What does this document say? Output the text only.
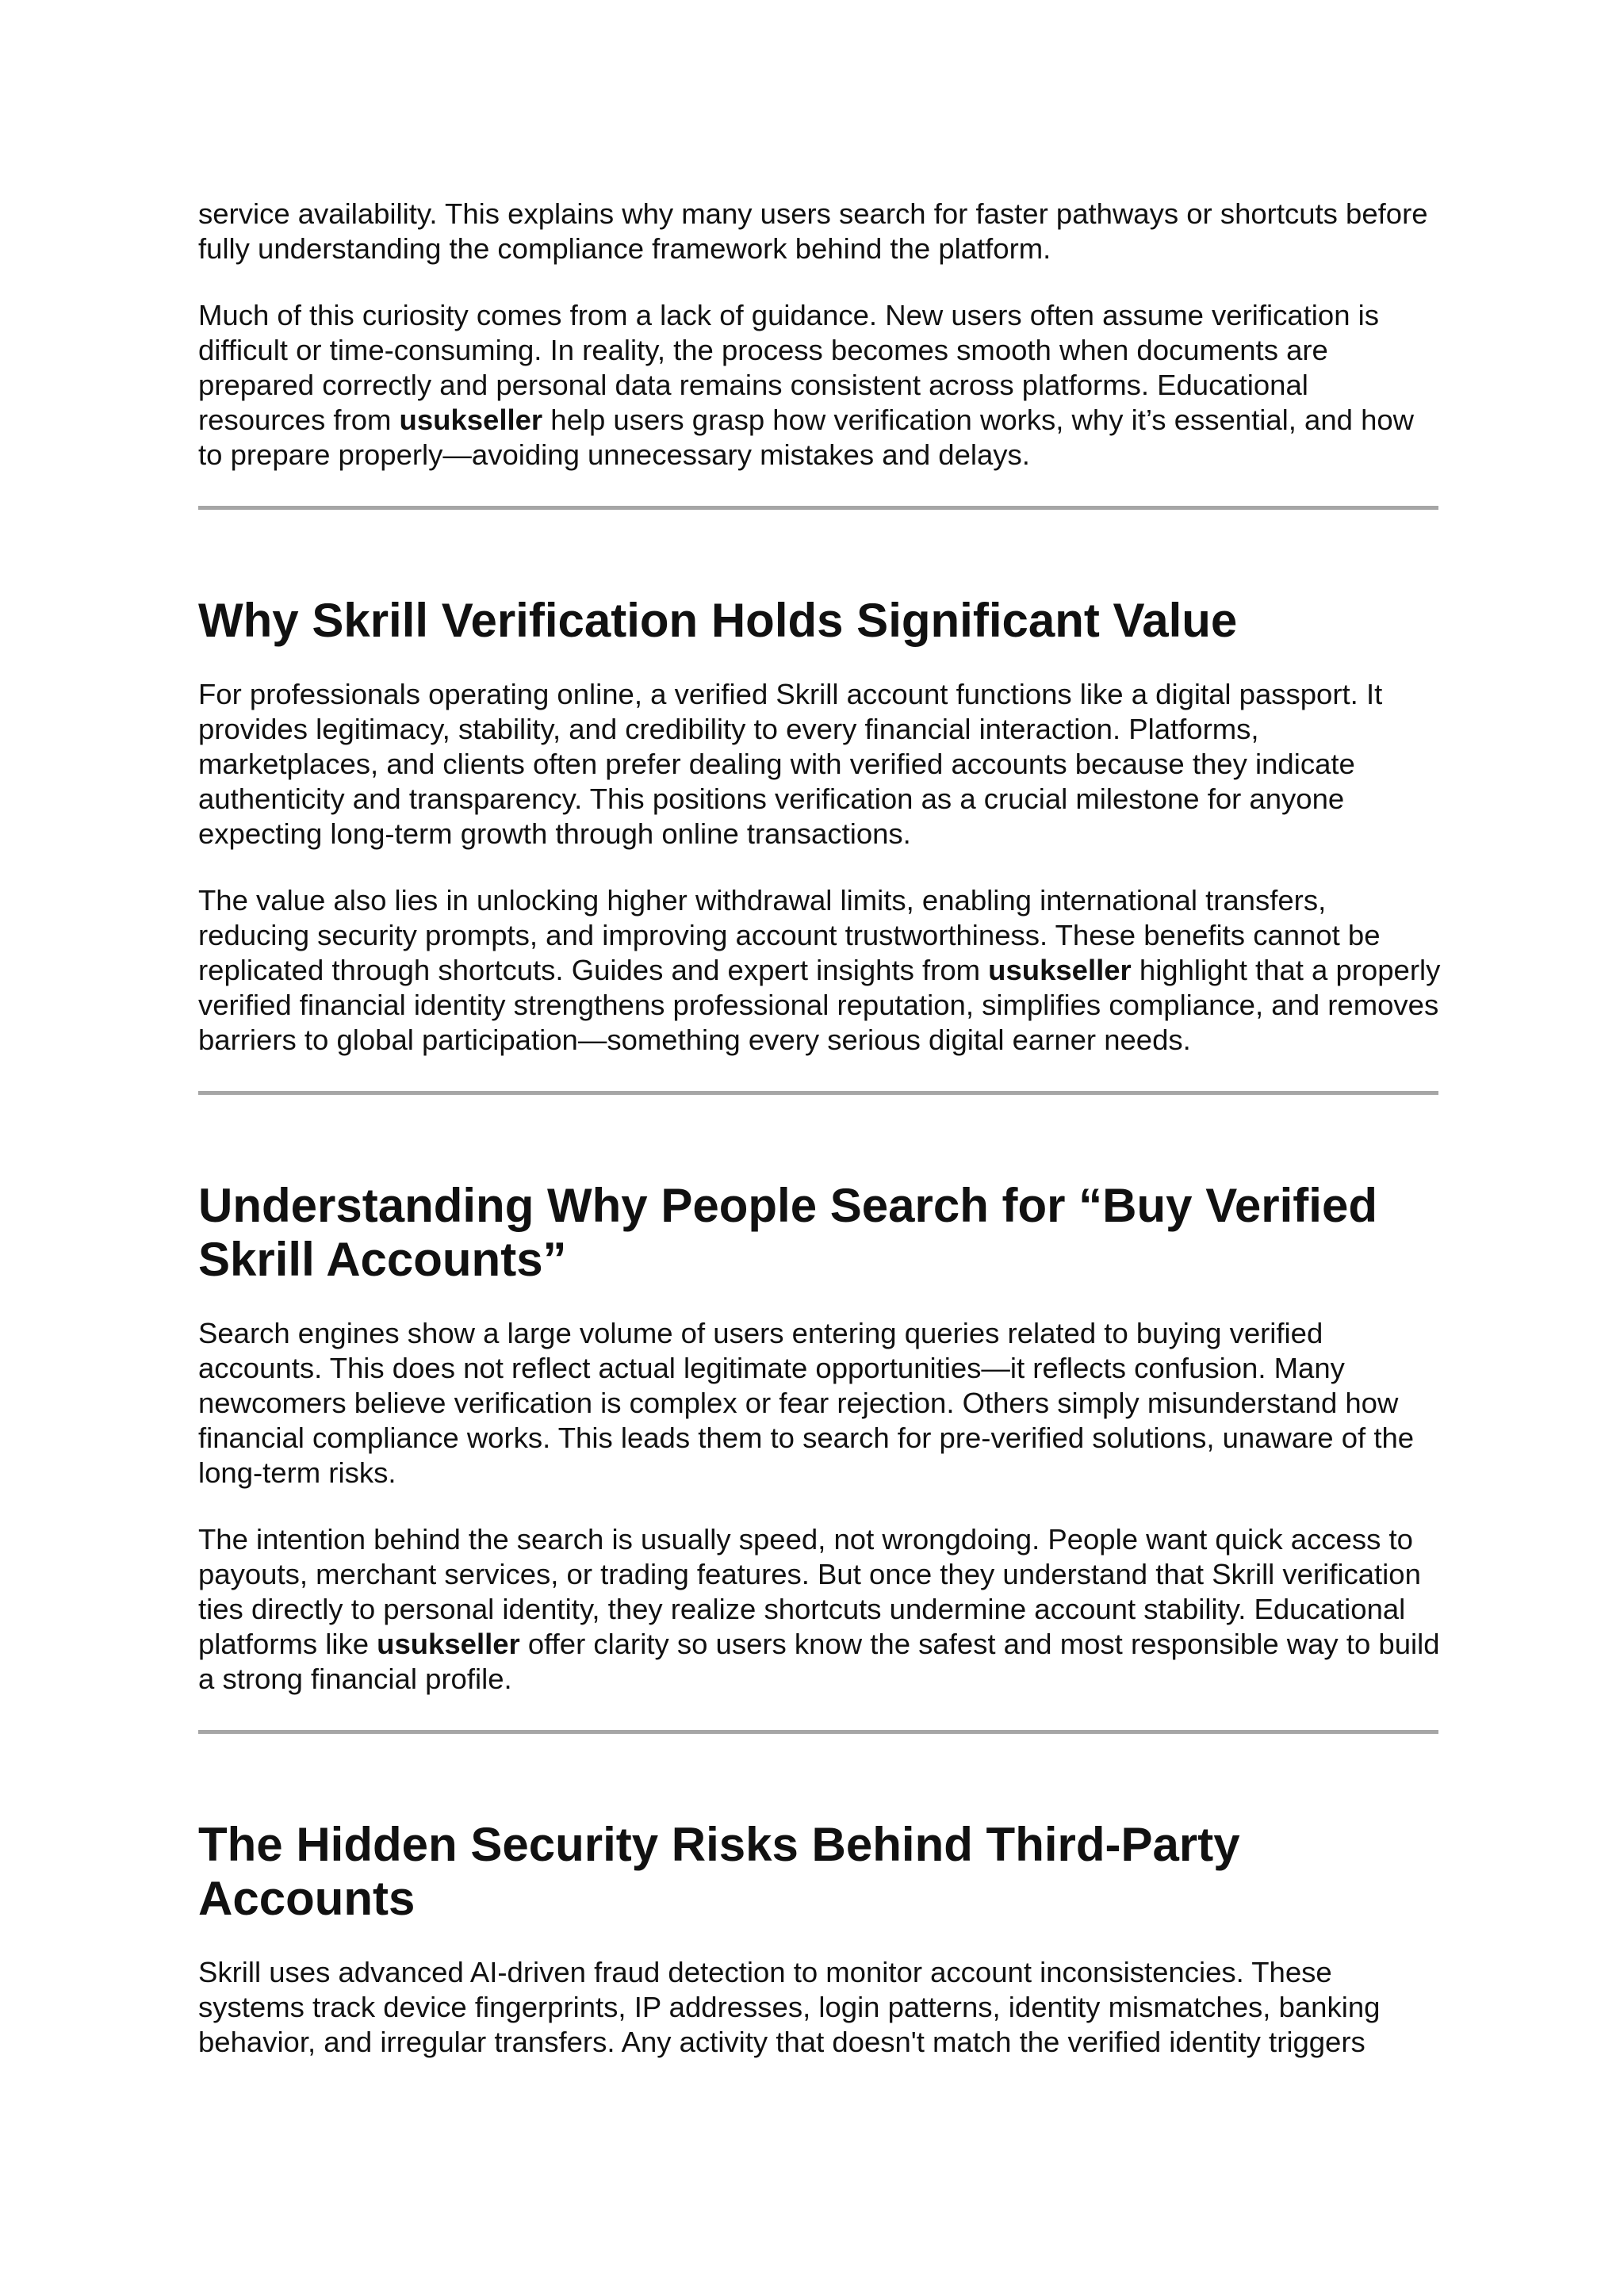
service availability. This explains why many users search for faster pathways or shortcuts before fully understanding the compliance framework behind the platform.

Much of this curiosity comes from a lack of guidance. New users often assume verification is difficult or time-consuming. In reality, the process becomes smooth when documents are prepared correctly and personal data remains consistent across platforms. Educational resources from usukseller help users grasp how verification works, why it’s essential, and how to prepare properly—avoiding unnecessary mistakes and delays.

Why Skrill Verification Holds Significant Value

For professionals operating online, a verified Skrill account functions like a digital passport. It provides legitimacy, stability, and credibility to every financial interaction. Platforms, marketplaces, and clients often prefer dealing with verified accounts because they indicate authenticity and transparency. This positions verification as a crucial milestone for anyone expecting long-term growth through online transactions.

The value also lies in unlocking higher withdrawal limits, enabling international transfers, reducing security prompts, and improving account trustworthiness. These benefits cannot be replicated through shortcuts. Guides and expert insights from usukseller highlight that a properly verified financial identity strengthens professional reputation, simplifies compliance, and removes barriers to global participation—something every serious digital earner needs.

Understanding Why People Search for “Buy Verified Skrill Accounts”

Search engines show a large volume of users entering queries related to buying verified accounts. This does not reflect actual legitimate opportunities—it reflects confusion. Many newcomers believe verification is complex or fear rejection. Others simply misunderstand how financial compliance works. This leads them to search for pre-verified solutions, unaware of the long-term risks.

The intention behind the search is usually speed, not wrongdoing. People want quick access to payouts, merchant services, or trading features. But once they understand that Skrill verification ties directly to personal identity, they realize shortcuts undermine account stability. Educational platforms like usukseller offer clarity so users know the safest and most responsible way to build a strong financial profile.

The Hidden Security Risks Behind Third-Party Accounts

Skrill uses advanced AI-driven fraud detection to monitor account inconsistencies. These systems track device fingerprints, IP addresses, login patterns, identity mismatches, banking behavior, and irregular transfers. Any activity that doesn't match the verified identity triggers
